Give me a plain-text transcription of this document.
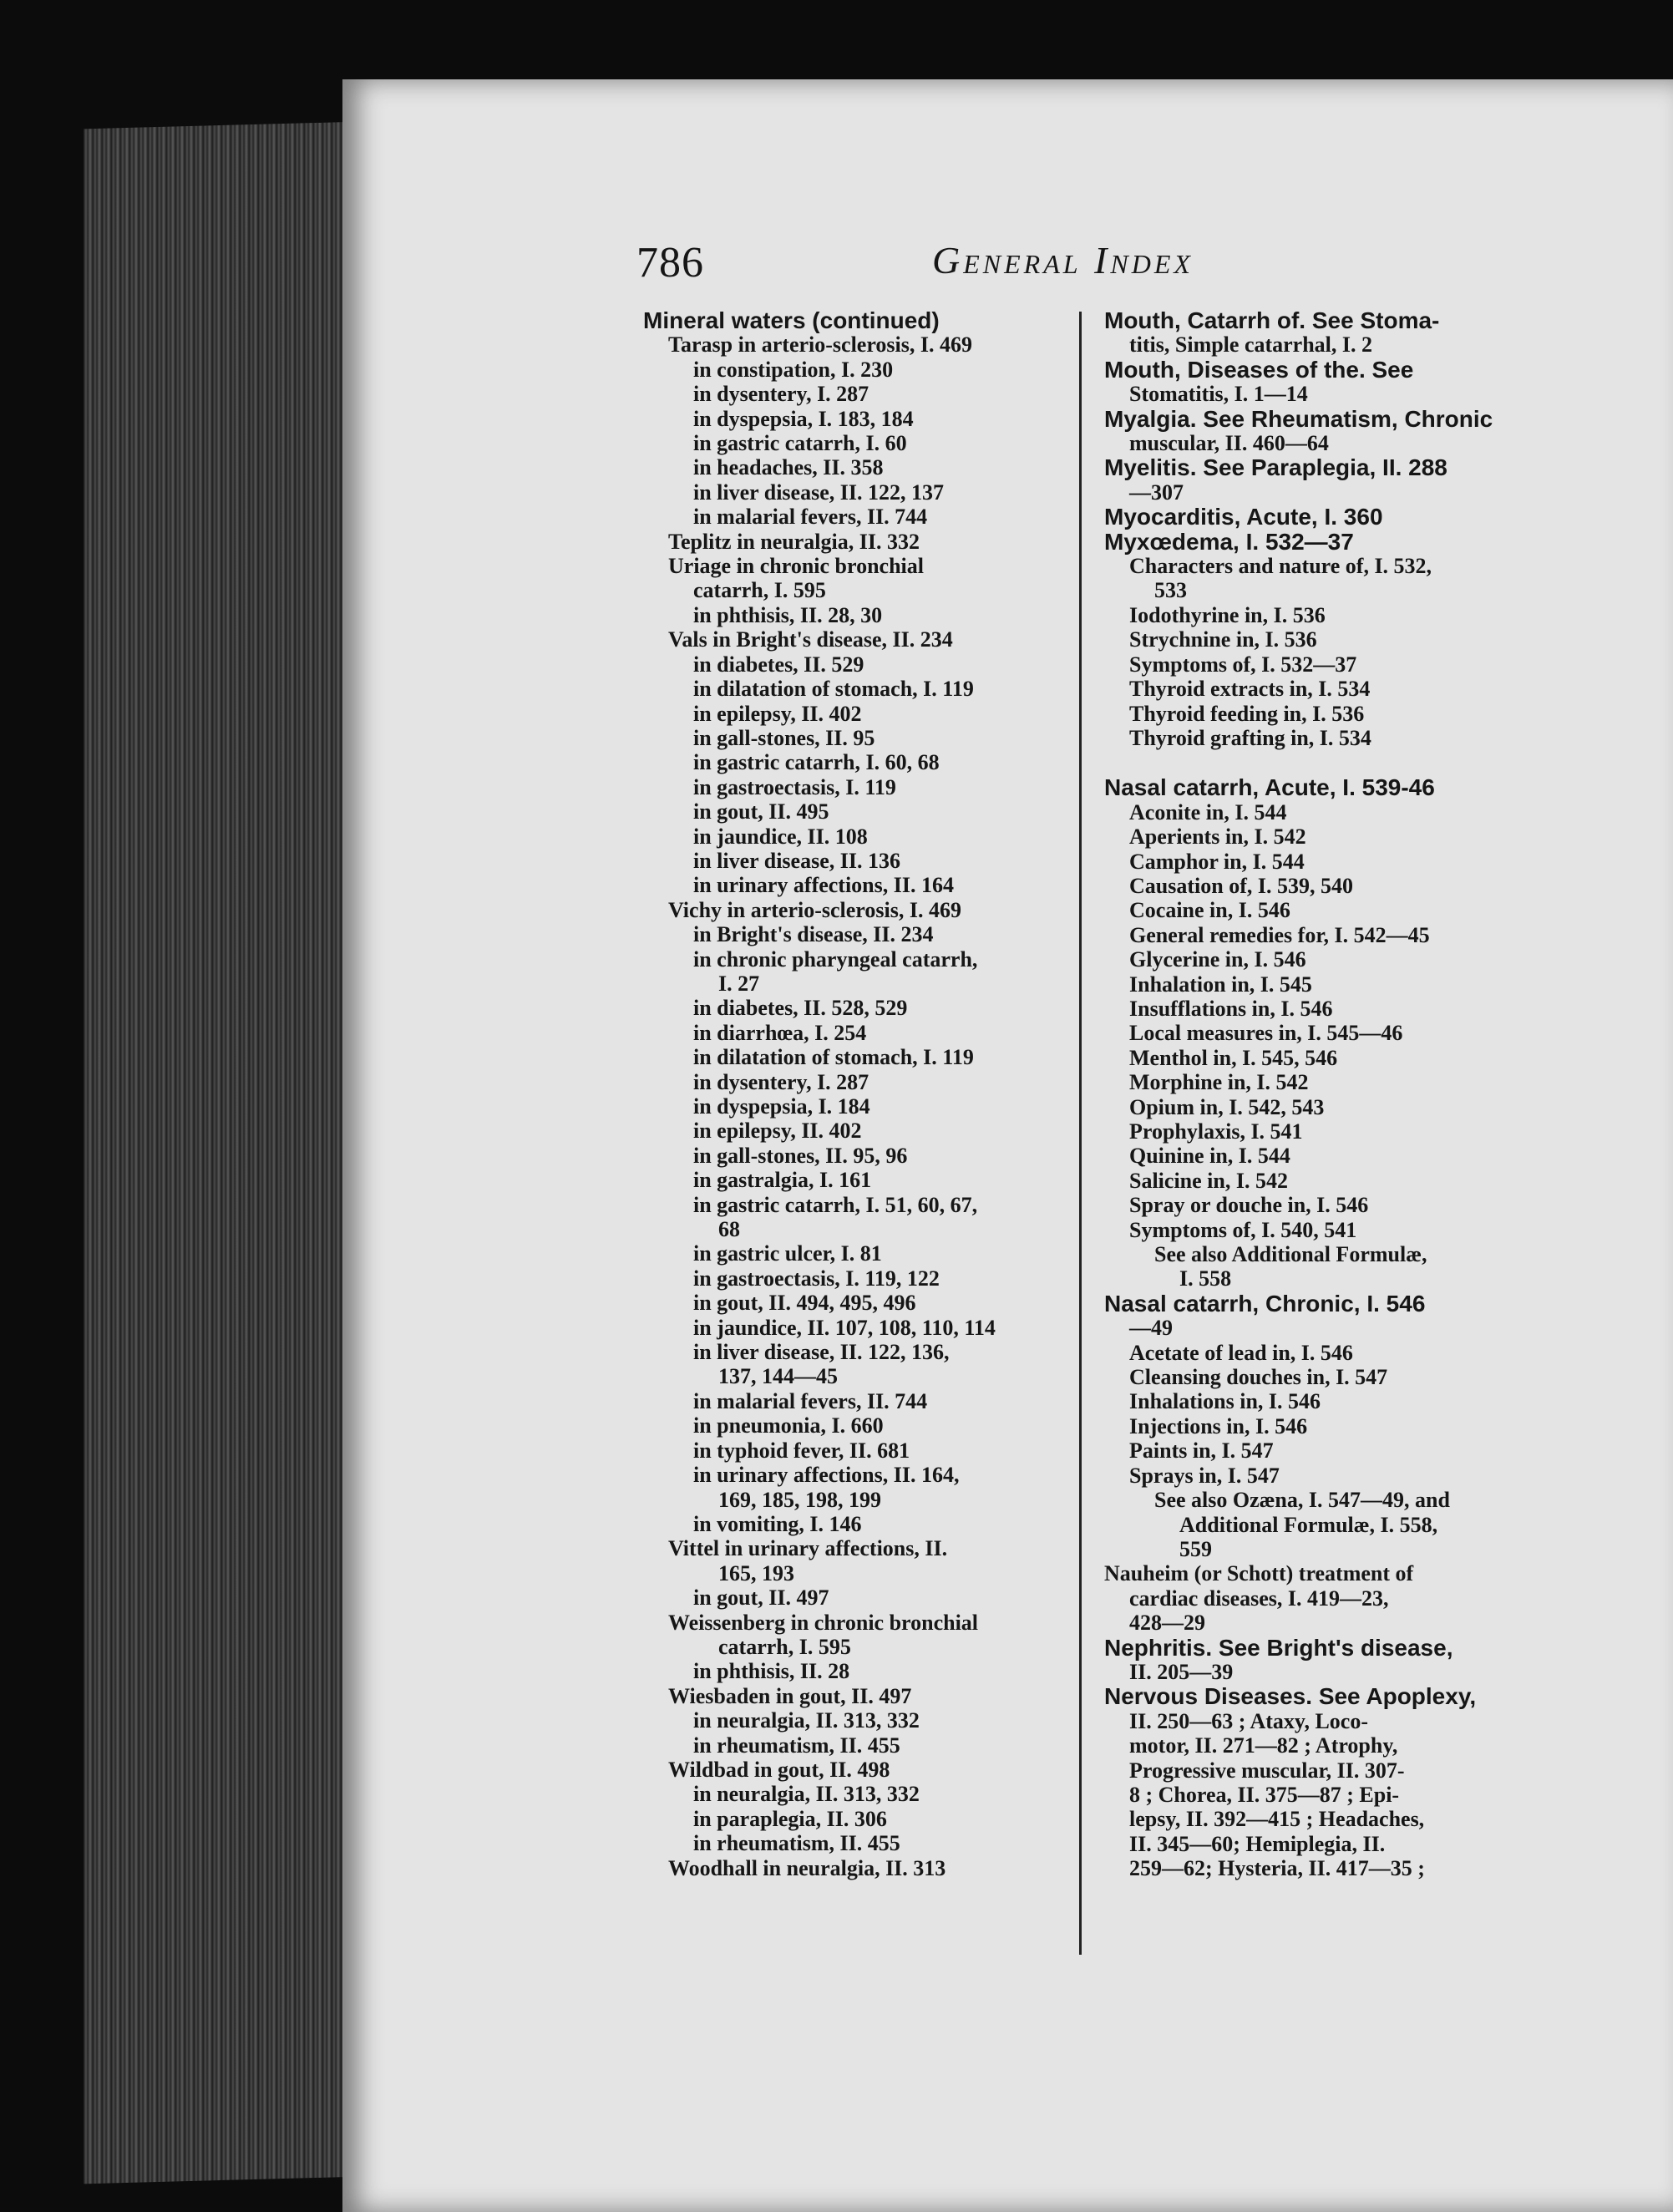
786	General Index
Mineral waters (continued)
Tarasp in arterio-sclerosis, I. 469
in constipation, I. 230
in dysentery, I. 287
in dyspepsia, I. 183, 184
in gastric catarrh, I. 60
in headaches, II. 358
in liver disease, II. 122, 137
in malarial fevers, II. 744
Teplitz in neuralgia, II. 332
Uriage in chronic bronchial
catarrh, I. 595
in phthisis, II. 28, 30
Vals in Bright's disease, II. 234
in diabetes, II. 529
in dilatation of stomach, I. 119
in epilepsy, II. 402
in gall-stones, II. 95
in gastric catarrh, I. 60, 68
in gastroectasis, I. 119
in gout, II. 495
in jaundice, II. 108
in liver disease, II. 136
in urinary affections, II. 164
Vichy in arterio-sclerosis, I. 469
in Bright's disease, II. 234
in chronic pharyngeal catarrh,
I. 27
in diabetes, II. 528, 529
in diarrhœa, I. 254
in dilatation of stomach, I. 119
in dysentery, I. 287
in dyspepsia, I. 184
in epilepsy, II. 402
in gall-stones, II. 95, 96
in gastralgia, I. 161
in gastric catarrh, I. 51, 60, 67,
68
in gastric ulcer, I. 81
in gastroectasis, I. 119, 122
in gout, II. 494, 495, 496
in jaundice, II. 107, 108, 110, 114
in liver disease, II. 122, 136,
137, 144—45
in malarial fevers, II. 744
in pneumonia, I. 660
in typhoid fever, II. 681
in urinary affections, II. 164,
169, 185, 198, 199
in vomiting, I. 146
Vittel in urinary affections, II.
165, 193
in gout, II. 497
Weissenberg in chronic bronchial
catarrh, I. 595
in phthisis, II. 28
Wiesbaden in gout, II. 497
in neuralgia, II. 313, 332
in rheumatism, II. 455
Wildbad in gout, II. 498
in neuralgia, II. 313, 332
in paraplegia, II. 306
in rheumatism, II. 455
Woodhall in neuralgia, II. 313
Mouth, Catarrh of. See Stoma-
titis, Simple catarrhal, I. 2
Mouth, Diseases of the. See
Stomatitis, I. 1—14
Myalgia. See Rheumatism, Chronic
muscular, II. 460—64
Myelitis. See Paraplegia, II. 288
—307
Myocarditis, Acute, I. 360
Myxœdema, I. 532—37
Characters and nature of, I. 532,
533
Iodothyrine in, I. 536
Strychnine in, I. 536
Symptoms of, I. 532—37
Thyroid extracts in, I. 534
Thyroid feeding in, I. 536
Thyroid grafting in, I. 534
Nasal catarrh, Acute, I. 539-46
Aconite in, I. 544
Aperients in, I. 542
Camphor in, I. 544
Causation of, I. 539, 540
Cocaine in, I. 546
General remedies for, I. 542—45
Glycerine in, I. 546
Inhalation in, I. 545
Insufflations in, I. 546
Local measures in, I. 545—46
Menthol in, I. 545, 546
Morphine in, I. 542
Opium in, I. 542, 543
Prophylaxis, I. 541
Quinine in, I. 544
Salicine in, I. 542
Spray or douche in, I. 546
Symptoms of, I. 540, 541
See also Additional Formulæ,
I. 558
Nasal catarrh, Chronic, I. 546
—49
Acetate of lead in, I. 546
Cleansing douches in, I. 547
Inhalations in, I. 546
Injections in, I. 546
Paints in, I. 547
Sprays in, I. 547
See also Ozæna, I. 547—49, and
Additional Formulæ, I. 558,
559
Nauheim (or Schott) treatment of
cardiac diseases, I. 419—23,
428—29
Nephritis. See Bright's disease,
II. 205—39
Nervous Diseases. See Apoplexy,
II. 250—63 ; Ataxy, Loco-
motor, II. 271—82 ; Atrophy,
Progressive muscular, II. 307-
8 ; Chorea, II. 375—87 ; Epi-
lepsy, II. 392—415 ; Headaches,
II. 345—60; Hemiplegia, II.
259—62; Hysteria, II. 417—35 ;
